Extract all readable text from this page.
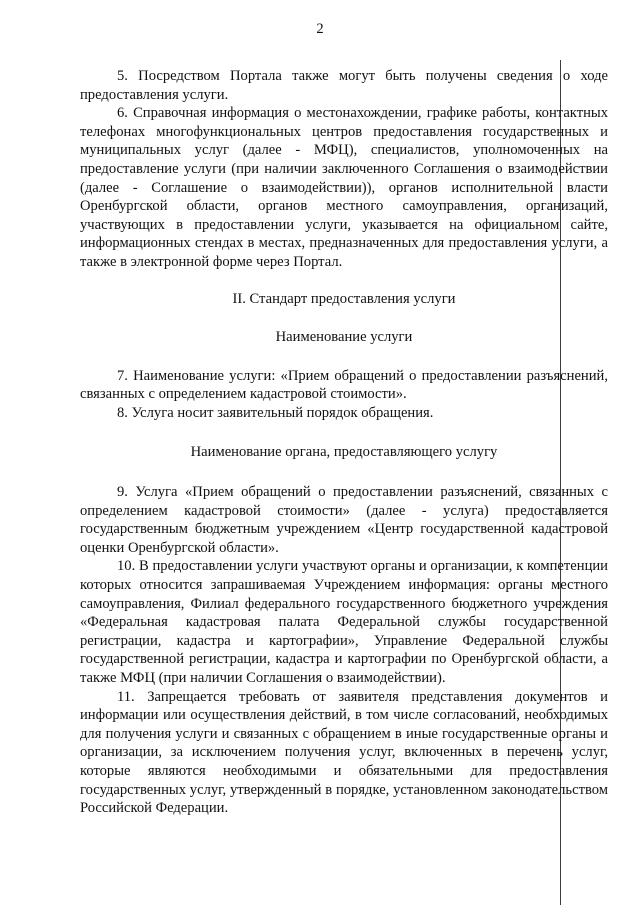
2

5. Посредством Портала также могут быть получены сведения о ходе предоставления услуги.

6. Справочная информация о местонахождении, графике работы, контактных телефонах многофункциональных центров предоставления государственных и муниципальных услуг (далее - МФЦ), специалистов, уполномоченных на предоставление услуги (при наличии заключенного Соглашения о взаимодействии (далее - Соглашение о взаимодействии)), органов исполнительной власти Оренбургской области, органов местного самоуправления, организаций, участвующих в предоставлении услуги, указывается на официальном сайте, информационных стендах в местах, предназначенных для предоставления услуги, а также в электронной форме через Портал.

II. Стандарт предоставления услуги
Наименование услуги

7. Наименование услуги: «Прием обращений о предоставлении разъяснений, связанных с определением кадастровой стоимости».

8. Услуга носит заявительный порядок обращения.

Наименование органа, предоставляющего услугу

9. Услуга «Прием обращений о предоставлении разъяснений, связанных с определением кадастровой стоимости» (далее - услуга) предоставляется государственным бюджетным учреждением «Центр государственной кадастровой оценки Оренбургской области».

10. В предоставлении услуги участвуют органы и организации, к компетенции которых относится запрашиваемая Учреждением информация: органы местного самоуправления, Филиал федерального государственного бюджетного учреждения «Федеральная кадастровая палата Федеральной службы государственной регистрации, кадастра и картографии», Управление Федеральной службы государственной регистрации, кадастра и картографии по Оренбургской области, а также МФЦ (при наличии Соглашения о взаимодействии).

11. Запрещается требовать от заявителя представления документов и информации или осуществления действий, в том числе согласований, необходимых для получения услуги и связанных с обращением в иные государственные органы и организации, за исключением получения услуг, включенных в перечень услуг, которые являются необходимыми и обязательными для предоставления государственных услуг, утвержденный в порядке, установленном законодательством Российской Федерации.
